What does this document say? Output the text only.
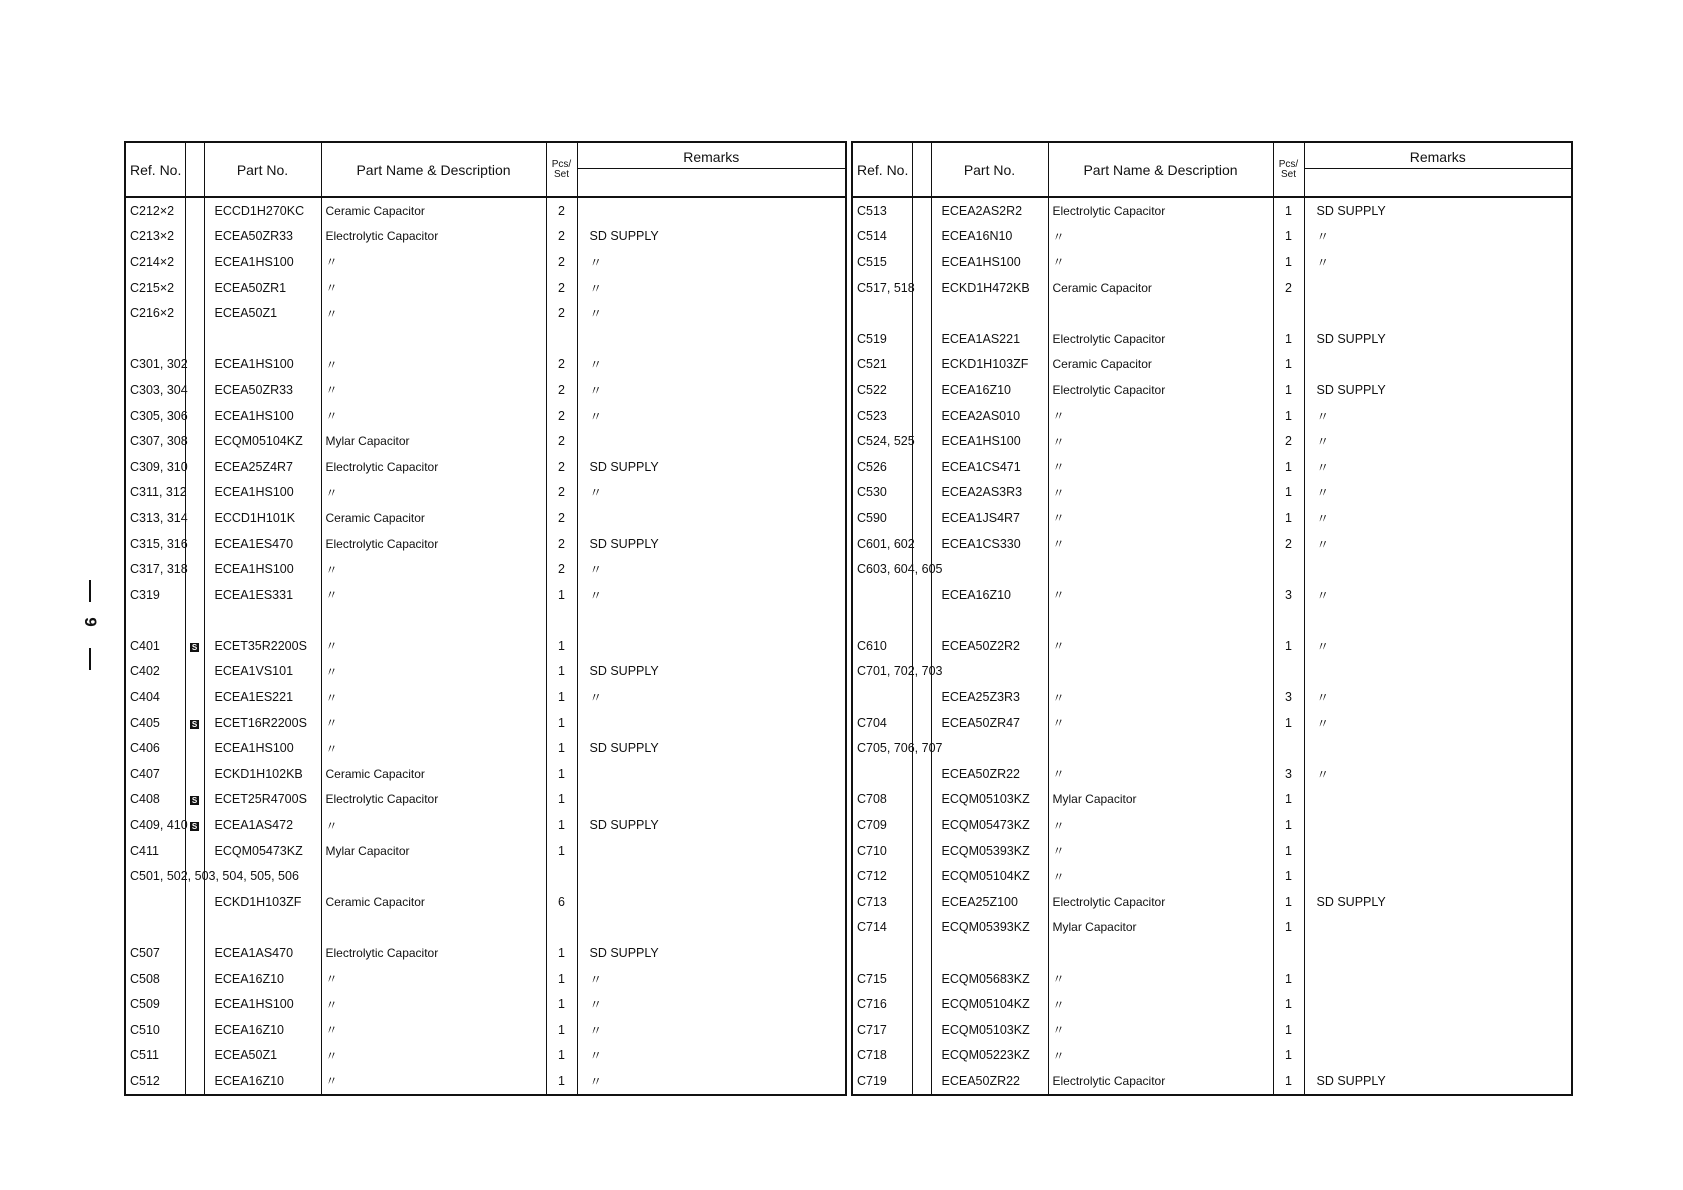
9
Ref. No.		Part No.	Part Name & Description	Pcs/ Set	Remarks
C212×2		ECCD1H270KC	Ceramic Capacitor	2	
C213×2		ECEA50ZR33	Electrolytic Capacitor	2	SD SUPPLY
C214×2		ECEA1HS100	〃	2	〃
C215×2		ECEA50ZR1	〃	2	〃
C216×2		ECEA50Z1	〃	2	〃

C301, 302		ECEA1HS100	〃	2	〃
C303, 304		ECEA50ZR33	〃	2	〃
C305, 306		ECEA1HS100	〃	2	〃
C307, 308		ECQM05104KZ	Mylar Capacitor	2	
C309, 310		ECEA25Z4R7	Electrolytic Capacitor	2	SD SUPPLY
C311, 312		ECEA1HS100	〃	2	〃
C313, 314		ECCD1H101K	Ceramic Capacitor	2	
C315, 316		ECEA1ES470	Electrolytic Capacitor	2	SD SUPPLY
C317, 318		ECEA1HS100	〃	2	〃
C319		ECEA1ES331	〃	1	〃

C401	S	ECET35R2200S	〃	1	
C402		ECEA1VS101	〃	1	SD SUPPLY
C404		ECEA1ES221	〃	1	〃
C405	S	ECET16R2200S	〃	1	
C406		ECEA1HS100	〃	1	SD SUPPLY
C407		ECKD1H102KB	Ceramic Capacitor	1	
C408	S	ECET25R4700S	Electrolytic Capacitor	1	
C409, 410	S	ECEA1AS472	〃	1	SD SUPPLY
C411		ECQM05473KZ	Mylar Capacitor	1	
C501, 502, 503, 504, 505, 506					
		ECKD1H103ZF	Ceramic Capacitor	6	

C507		ECEA1AS470	Electrolytic Capacitor	1	SD SUPPLY
C508		ECEA16Z10	〃	1	〃
C509		ECEA1HS100	〃	1	〃
C510		ECEA16Z10	〃	1	〃
C511		ECEA50Z1	〃	1	〃
C512		ECEA16Z10	〃	1	〃
Ref. No.		Part No.	Part Name & Description	Pcs/ Set	Remarks
C513		ECEA2AS2R2	Electrolytic Capacitor	1	SD SUPPLY
C514		ECEA16N10	〃	1	〃
C515		ECEA1HS100	〃	1	〃
C517, 518		ECKD1H472KB	Ceramic Capacitor	2	

C519		ECEA1AS221	Electrolytic Capacitor	1	SD SUPPLY
C521		ECKD1H103ZF	Ceramic Capacitor	1	
C522		ECEA16Z10	Electrolytic Capacitor	1	SD SUPPLY
C523		ECEA2AS010	〃	1	〃
C524, 525		ECEA1HS100	〃	2	〃
C526		ECEA1CS471	〃	1	〃
C530		ECEA2AS3R3	〃	1	〃
C590		ECEA1JS4R7	〃	1	〃
C601, 602		ECEA1CS330	〃	2	〃
C603, 604, 605					
		ECEA16Z10	〃	3	〃

C610		ECEA50Z2R2	〃	1	〃
C701, 702, 703					
		ECEA25Z3R3	〃	3	〃
C704		ECEA50ZR47	〃	1	〃
C705, 706, 707					
		ECEA50ZR22	〃	3	〃
C708		ECQM05103KZ	Mylar Capacitor	1	
C709		ECQM05473KZ	〃	1	
C710		ECQM05393KZ	〃	1	
C712		ECQM05104KZ	〃	1	
C713		ECEA25Z100	Electrolytic Capacitor	1	SD SUPPLY
C714		ECQM05393KZ	Mylar Capacitor	1	

C715		ECQM05683KZ	〃	1	
C716		ECQM05104KZ	〃	1	
C717		ECQM05103KZ	〃	1	
C718		ECQM05223KZ	〃	1	
C719		ECEA50ZR22	Electrolytic Capacitor	1	SD SUPPLY
